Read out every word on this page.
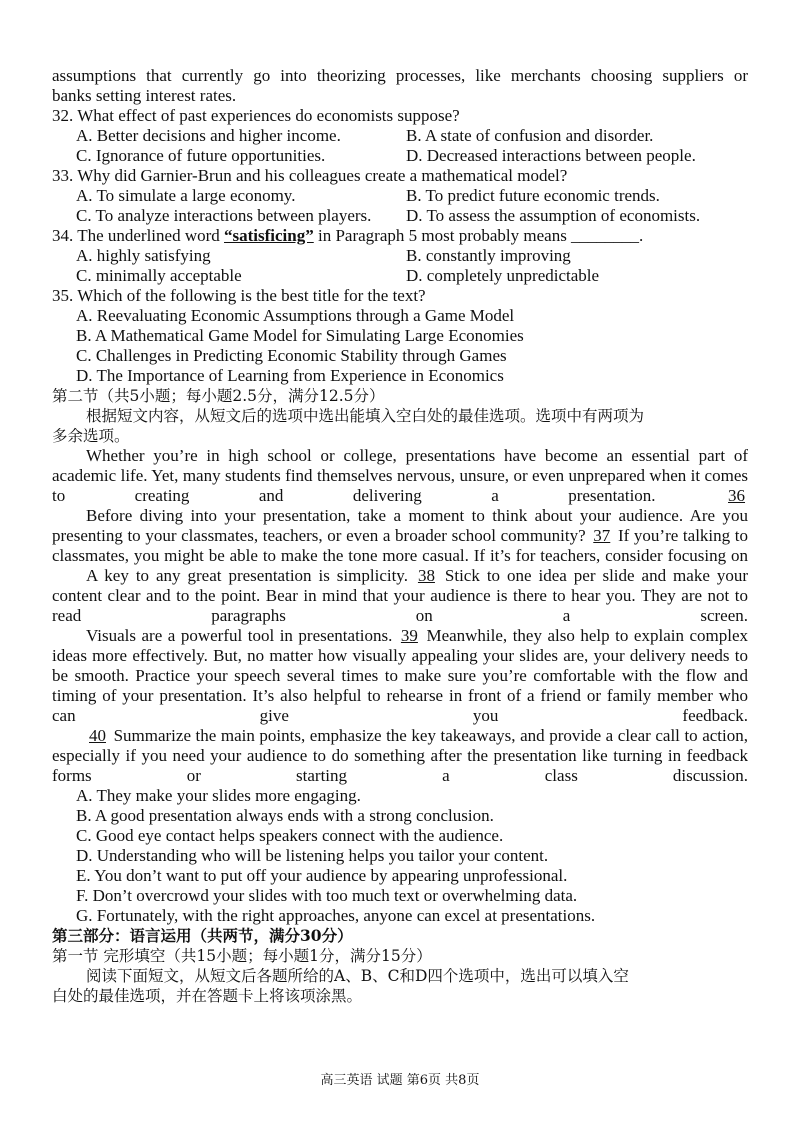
assumptions that currently go into theorizing processes, like merchants choosing suppliers or
banks setting interest rates.
32. What effect of past experiences do economists suppose?
A. Better decisions and higher income.	B. A state of confusion and disorder.
C. Ignorance of future opportunities.	D. Decreased interactions between people.
33. Why did Garnier-Brun and his colleagues create a mathematical model?
A. To simulate a large economy.	B. To predict future economic trends.
C. To analyze interactions between players.	D. To assess the assumption of economists.
34. The underlined word “satisficing” in Paragraph 5 most probably means ________.
A. highly satisfying	B. constantly improving
C. minimally acceptable	D. completely unpredictable
35. Which of the following is the best title for the text?
A. Reevaluating Economic Assumptions through a Game Model
B. A Mathematical Game Model for Simulating Large Economies
C. Challenges in Predicting Economic Stability through Games
D. The Importance of Learning from Experience in Economics
第二节（共5小题；每小题2.5分，满分12.5分）
根据短文内容，从短文后的选项中选出能填入空白处的最佳选项。选项中有两项为
多余选项。
Whether you’re in high school or college, presentations have become an essential part of academic life. Yet, many students find themselves nervous, unsure, or even unprepared when it comes to creating and delivering a presentation.	36
Before diving into your presentation, take a moment to think about your audience. Are you presenting to your classmates, teachers, or even a broader school community? 37 If you’re talking to classmates, you might be able to make the tone more casual. If it’s for teachers, consider focusing on
A key to any great presentation is simplicity. 38 Stick to one idea per slide and make your content clear and to the point. Bear in mind that your audience is there to hear you. They are not to read paragraphs on a screen.
Visuals are a powerful tool in presentations. 39 Meanwhile, they also help to explain complex ideas more effectively. But, no matter how visually appealing your slides are, your delivery needs to be smooth. Practice your speech several times to make sure you’re comfortable with the flow and timing of your presentation. It’s also helpful to rehearse in front of a friend or family member who can give you feedback.
40 Summarize the main points, emphasize the key takeaways, and provide a clear call to action, especially if you need your audience to do something after the presentation like turning in feedback forms or starting a class discussion.
A. They make your slides more engaging.
B. A good presentation always ends with a strong conclusion.
C. Good eye contact helps speakers connect with the audience.
D. Understanding who will be listening helps you tailor your content.
E. You don’t want to put off your audience by appearing unprofessional.
F. Don’t overcrowd your slides with too much text or overwhelming data.
G. Fortunately, with the right approaches, anyone can excel at presentations.
第三部分：语言运用（共两节，满分30分）
第一节 完形填空（共15小题；每小题1分，满分15分）
阅读下面短文，从短文后各题所给的A、B、C和D四个选项中，选出可以填入空
白处的最佳选项，并在答题卡上将该项涂黑。
高三英语 试题 第6页 共8页
